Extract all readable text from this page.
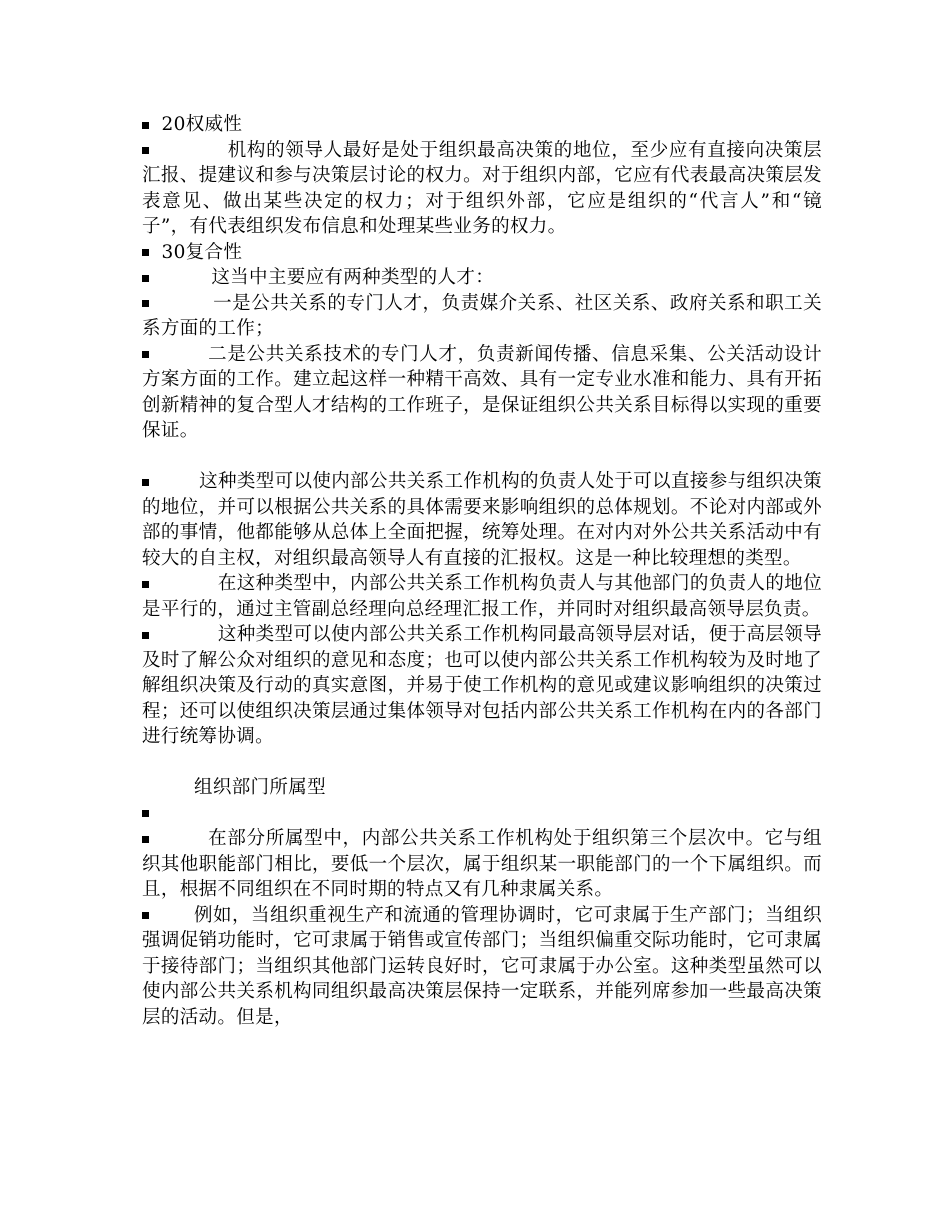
20权威性
机构的领导人最好是处于组织最高决策的地位，至少应有直接向决策层汇报、提建议和参与决策层讨论的权力。对于组织内部，它应有代表最高决策层发表意见、做出某些决定的权力；对于组织外部，它应是组织的“代言人”和“镜子”，有代表组织发布信息和处理某些业务的权力。
30复合性
这当中主要应有两种类型的人才：
一是公共关系的专门人才，负责媒介关系、社区关系、政府关系和职工关系方面的工作；
二是公共关系技术的专门人才，负责新闻传播、信息采集、公关活动设计方案方面的工作。建立起这样一种精干高效、具有一定专业水准和能力、具有开拓创新精神的复合型人才结构的工作班子，是保证组织公共关系目标得以实现的重要保证。
这种类型可以使内部公共关系工作机构的负责人处于可以直接参与组织决策的地位，并可以根据公共关系的具体需要来影响组织的总体规划。不论对内部或外部的事情，他都能够从总体上全面把握，统筹处理。在对内对外公共关系活动中有较大的自主权，对组织最高领导人有直接的汇报权。这是一种比较理想的类型。
在这种类型中，内部公共关系工作机构负责人与其他部门的负责人的地位是平行的，通过主管副总经理向总经理汇报工作，并同时对组织最高领导层负责。
这种类型可以使内部公共关系工作机构同最高领导层对话，便于高层领导及时了解公众对组织的意见和态度；也可以使内部公共关系工作机构较为及时地了解组织决策及行动的真实意图，并易于使工作机构的意见或建议影响组织的决策过程；还可以使组织决策层通过集体领导对包括内部公共关系工作机构在内的各部门进行统筹协调。
组织部门所属型
在部分所属型中，内部公共关系工作机构处于组织第三个层次中。它与组织其他职能部门相比，要低一个层次，属于组织某一职能部门的一个下属组织。而且，根据不同组织在不同时期的特点又有几种隶属关系。
例如，当组织重视生产和流通的管理协调时，它可隶属于生产部门；当组织强调促销功能时，它可隶属于销售或宣传部门；当组织偏重交际功能时，它可隶属于接待部门；当组织其他部门运转良好时，它可隶属于办公室。这种类型虽然可以使内部公共关系机构同组织最高决策层保持一定联系，并能列席参加一些最高决策层的活动。但是，
